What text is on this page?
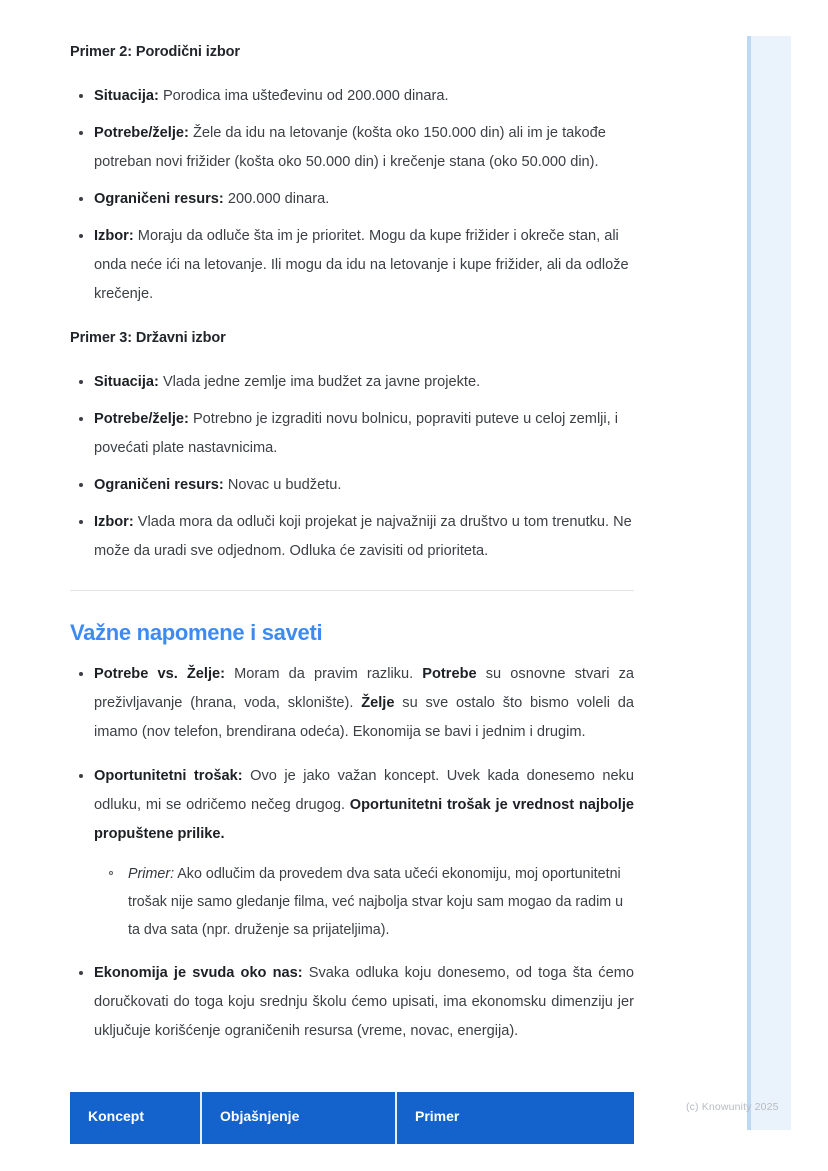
Primer 2: Porodični izbor
Situacija: Porodica ima ušteđevinu od 200.000 dinara.
Potrebe/želje: Žele da idu na letovanje (košta oko 150.000 din) ali im je takođe potreban novi frižider (košta oko 50.000 din) i krečenje stana (oko 50.000 din).
Ograničeni resurs: 200.000 dinara.
Izbor: Moraju da odluče šta im je prioritet. Mogu da kupe frižider i okreče stan, ali onda neće ići na letovanje. Ili mogu da idu na letovanje i kupe frižider, ali da odlože krečenje.
Primer 3: Državni izbor
Situacija: Vlada jedne zemlje ima budžet za javne projekte.
Potrebe/želje: Potrebno je izgraditi novu bolnicu, popraviti puteve u celoj zemlji, i povećati plate nastavnicima.
Ograničeni resurs: Novac u budžetu.
Izbor: Vlada mora da odluči koji projekat je najvažniji za društvo u tom trenutku. Ne može da uradi sve odjednom. Odluka će zavisiti od prioriteta.
Važne napomene i saveti
Potrebe vs. Želje: Moram da pravim razliku. Potrebe su osnovne stvari za preživljavanje (hrana, voda, sklonište). Želje su sve ostalo što bismo voleli da imamo (nov telefon, brendirana odeća). Ekonomija se bavi i jednim i drugim.
Oportunitetni trošak: Ovo je jako važan koncept. Uvek kada donesemo neku odluku, mi se odričemo nečeg drugog. Oportunitetni trošak je vrednost najbolje propuštene prilike.
Primer: Ako odlučim da provedem dva sata učeći ekonomiju, moj oportunitetni trošak nije samo gledanje filma, već najbolja stvar koju sam mogao da radim u ta dva sata (npr. druženje sa prijateljima).
Ekonomija je svuda oko nas: Svaka odluka koju donesemo, od toga šta ćemo doručkovati do toga koju srednju školu ćemo upisati, ima ekonomsku dimenziju jer uključuje korišćenje ograničenih resursa (vreme, novac, energija).
Koncept	Objašnjenje	Primer
(c) Knowunity 2025
